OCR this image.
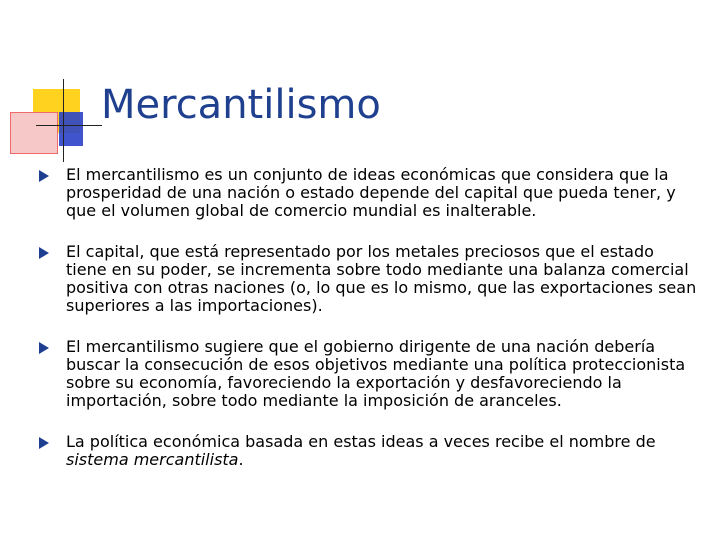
Mercantilismo
El mercantilismo es un conjunto de ideas económicas que considera que la prosperidad de una nación o estado depende del capital que pueda tener, y que el volumen global de comercio mundial es inalterable.
El capital, que está representado por los metales preciosos que el estado tiene en su poder, se incrementa sobre todo mediante una balanza comercial positiva con otras naciones (o, lo que es lo mismo, que las exportaciones sean superiores a las importaciones).
El mercantilismo sugiere que el gobierno dirigente de una nación debería buscar la consecución de esos objetivos mediante una política proteccionista sobre su economía, favoreciendo la exportación y desfavoreciendo la importación, sobre todo mediante la imposición de aranceles.
La política económica basada en estas ideas a veces recibe el nombre de sistema mercantilista.
